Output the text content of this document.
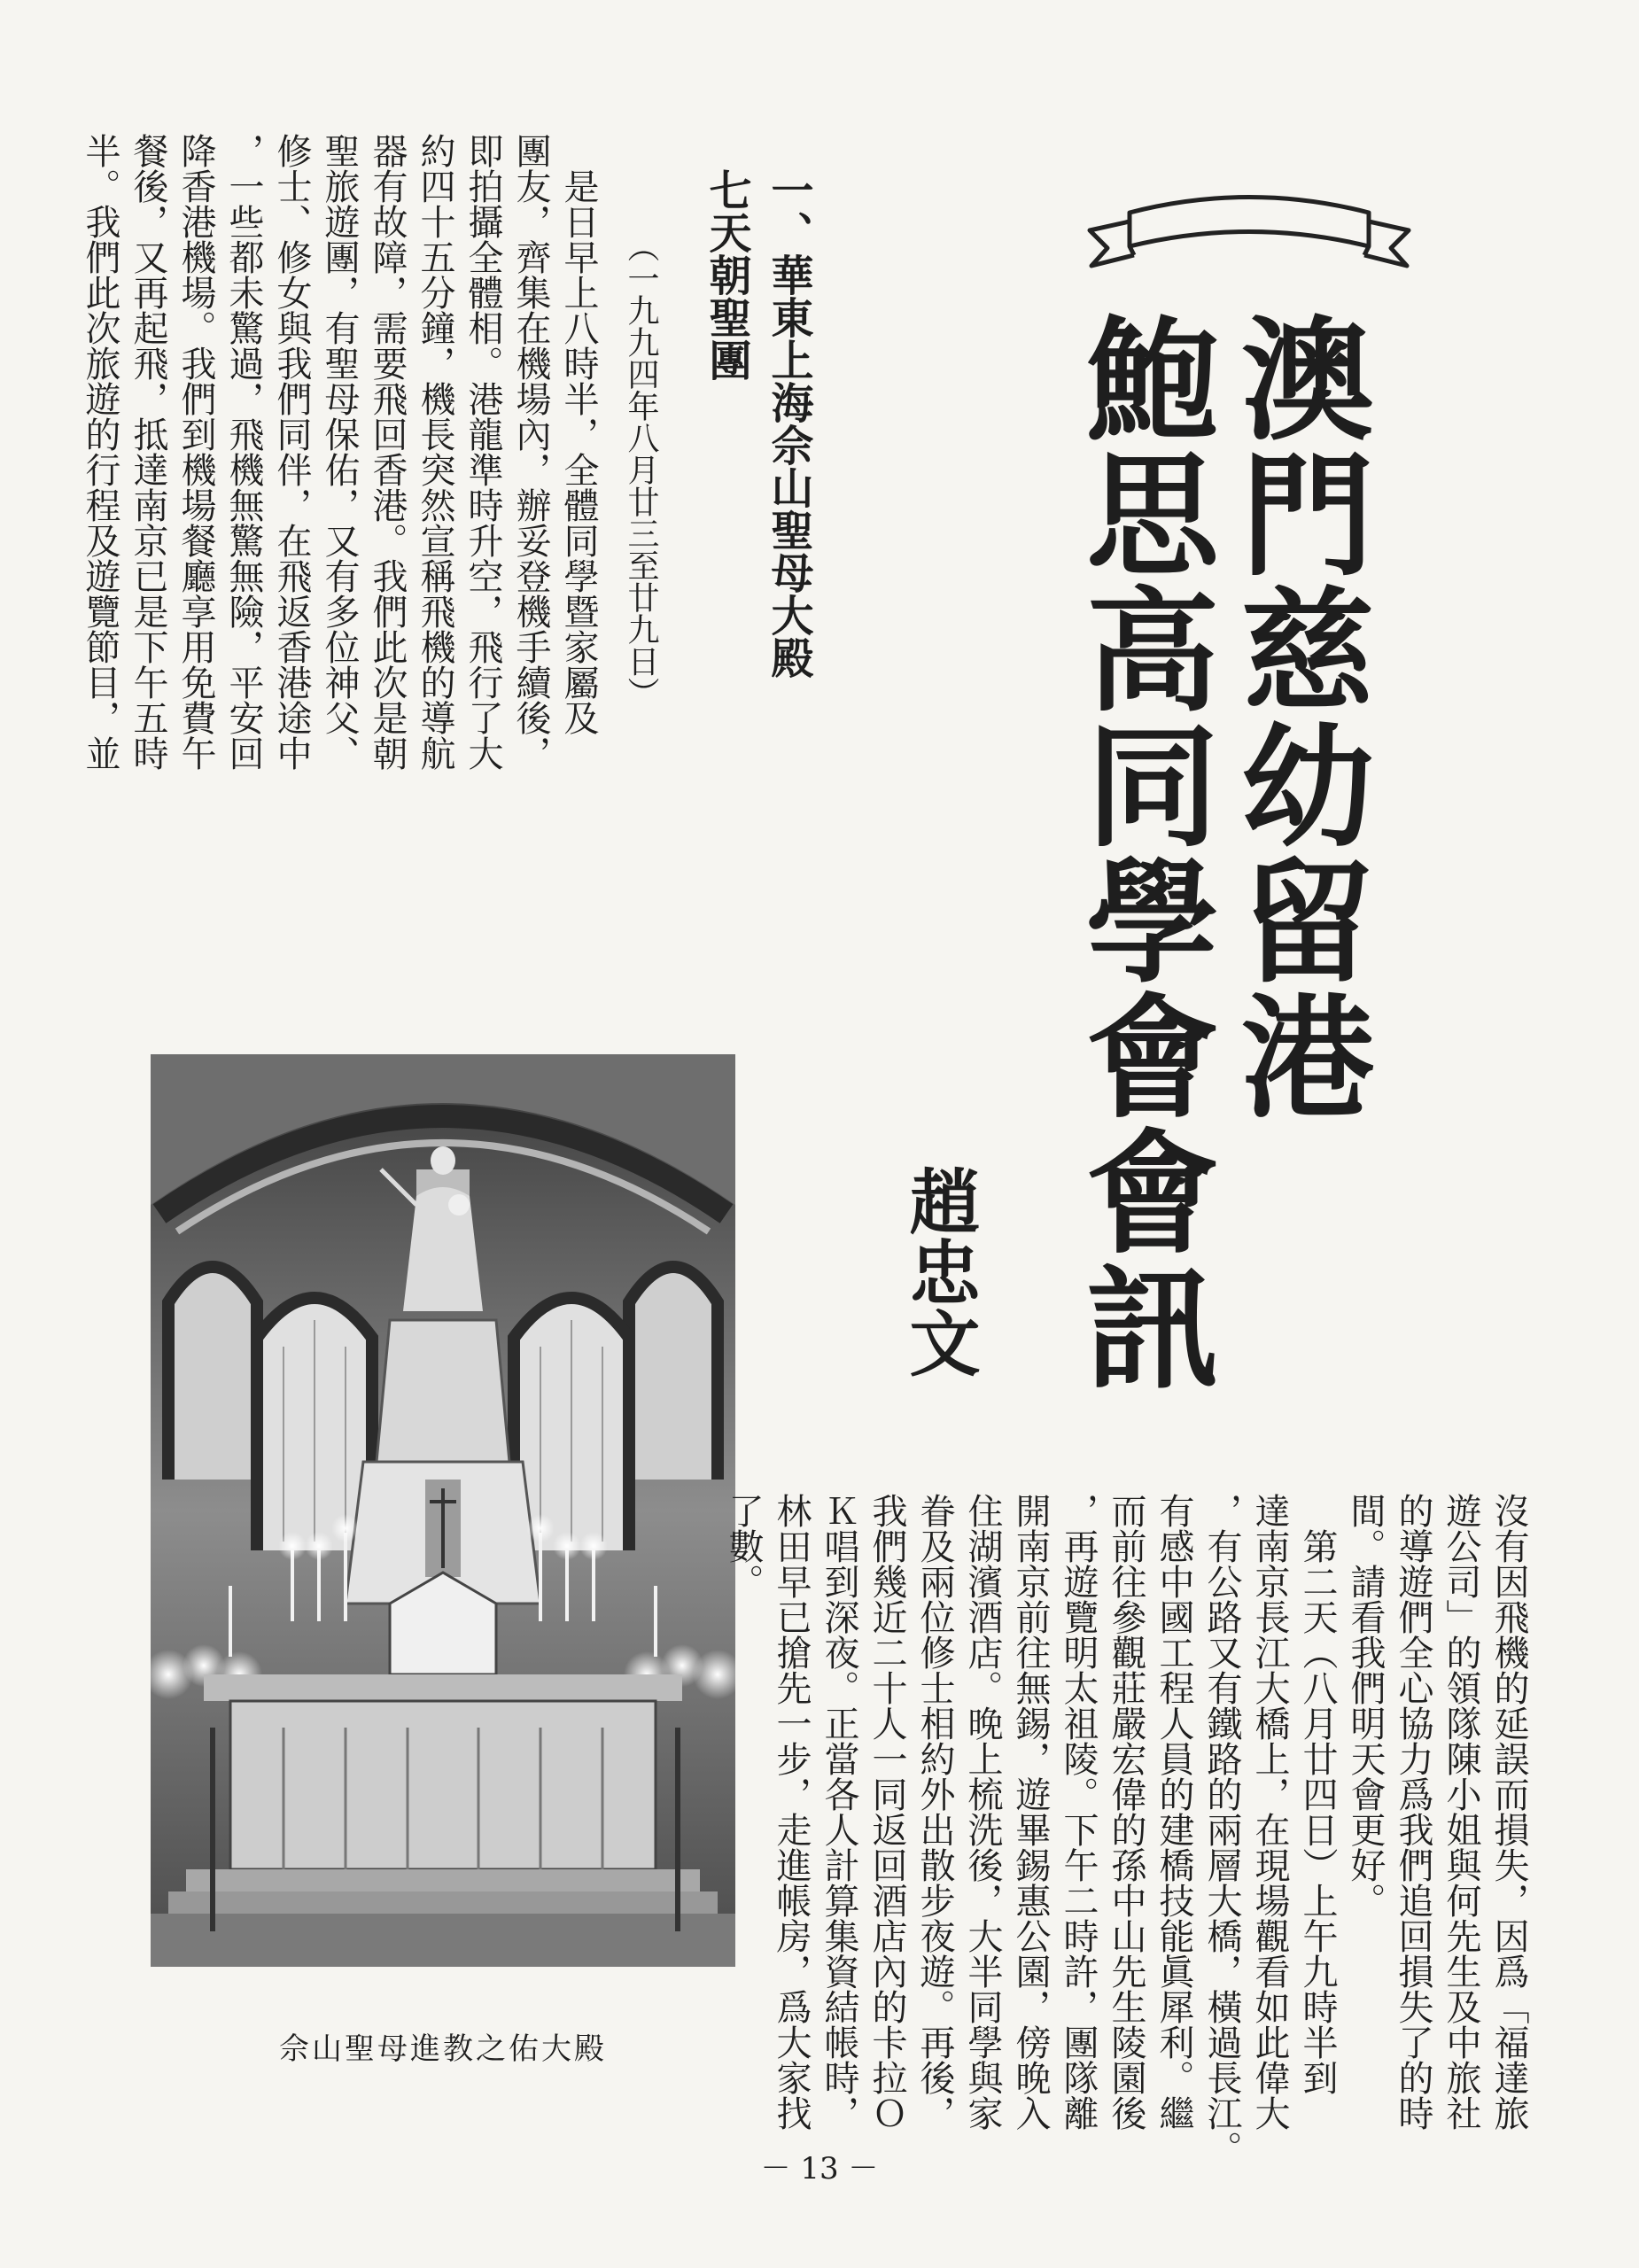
澳門慈幼留港
鮑思高同學會會訊

趙忠文

一、華東上海佘山聖母大殿
七天朝聖團

（一九九四年八月廿三至廿九日）

　是日早上八時半，全體同學暨家屬及
團友，齊集在機場內，辦妥登機手續後，
即拍攝全體相。港龍準時升空，飛行了大
約四十五分鐘，機長突然宣稱飛機的導航
器有故障，需要飛回香港。我們此次是朝
聖旅遊團，有聖母保佑，又有多位神父、
修士、修女與我們同伴，在飛返香港途中
，一些都未驚過，飛機無驚無險，平安回
降香港機場。我們到機場餐廳享用免費午
餐後，又再起飛，抵達南京已是下午五時
半。我們此次旅遊的行程及遊覽節目，並

佘山聖母進教之佑大殿	沒有因飛機的延誤而損失，因爲「福達旅
遊公司」的領隊陳小姐與何先生及中旅社
的導遊們全心協力爲我們追回損失了的時
間。請看我們明天會更好。
　第二天（八月廿四日）上午九時半到
達南京長江大橋上，在現場觀看如此偉大
，有公路又有鐵路的兩層大橋，橫過長江。
有感中國工程人員的建橋技能眞犀利。繼
而前往參觀莊嚴宏偉的孫中山先生陵園後
，再遊覽明太祖陵。下午二時許，團隊離
開南京前往無錫，遊畢錫惠公園，傍晚入
住湖濱酒店。晚上梳洗後，大半同學與家
眷及兩位修士相約外出散步夜遊。再後，
我們幾近二十人一同返回酒店內的卡拉Ｏ
Ｋ唱到深夜。正當各人計算集資結帳時，
林田早已搶先一步，走進帳房，爲大家找
了數。

－ 13 －
